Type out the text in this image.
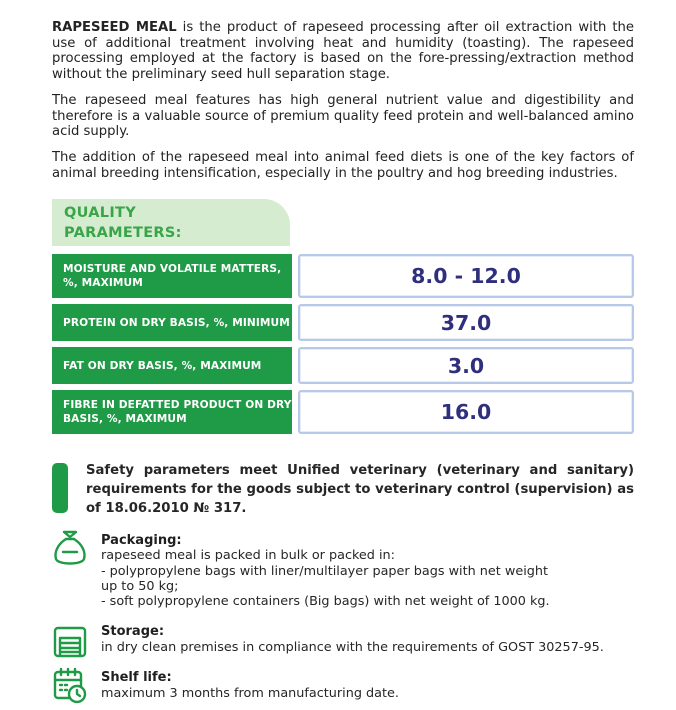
RAPESEED MEAL is the product of rapeseed processing after oil extraction with the use of additional treatment involving heat and humidity (toasting). The rapeseed processing employed at the factory is based on the fore-pressing/extraction method without the preliminary seed hull separation stage.

The rapeseed meal features has high general nutrient value and digestibility and therefore is a valuable source of premium quality feed protein and well-balanced amino acid supply.

The addition of the rapeseed meal into animal feed diets is one of the key factors of animal breeding intensification, especially in the poultry and hog breeding industries.

QUALITY
PARAMETERS:
MOISTURE AND VOLATILE MATTERS, %, MAXIMUM	8.0 - 12.0
PROTEIN ON DRY BASIS, %, MINIMUM	37.0
FAT ON DRY BASIS, %, MAXIMUM	3.0
FIBRE IN DEFATTED PRODUCT ON DRY BASIS, %, MAXIMUM	16.0

Safety parameters meet Unified veterinary (veterinary and sanitary) requirements for the goods subject to veterinary control (supervision) as of 18.06.2010 № 317.

Packaging:
rapeseed meal is packed in bulk or packed in:
- polypropylene bags with liner/multilayer paper bags with net weight
up to 50 kg;
- soft polypropylene containers (Big bags) with net weight of 1000 kg.
Storage:
in dry clean premises in compliance with the requirements of GOST 30257-95.
Shelf life:
maximum 3 months from manufacturing date.
